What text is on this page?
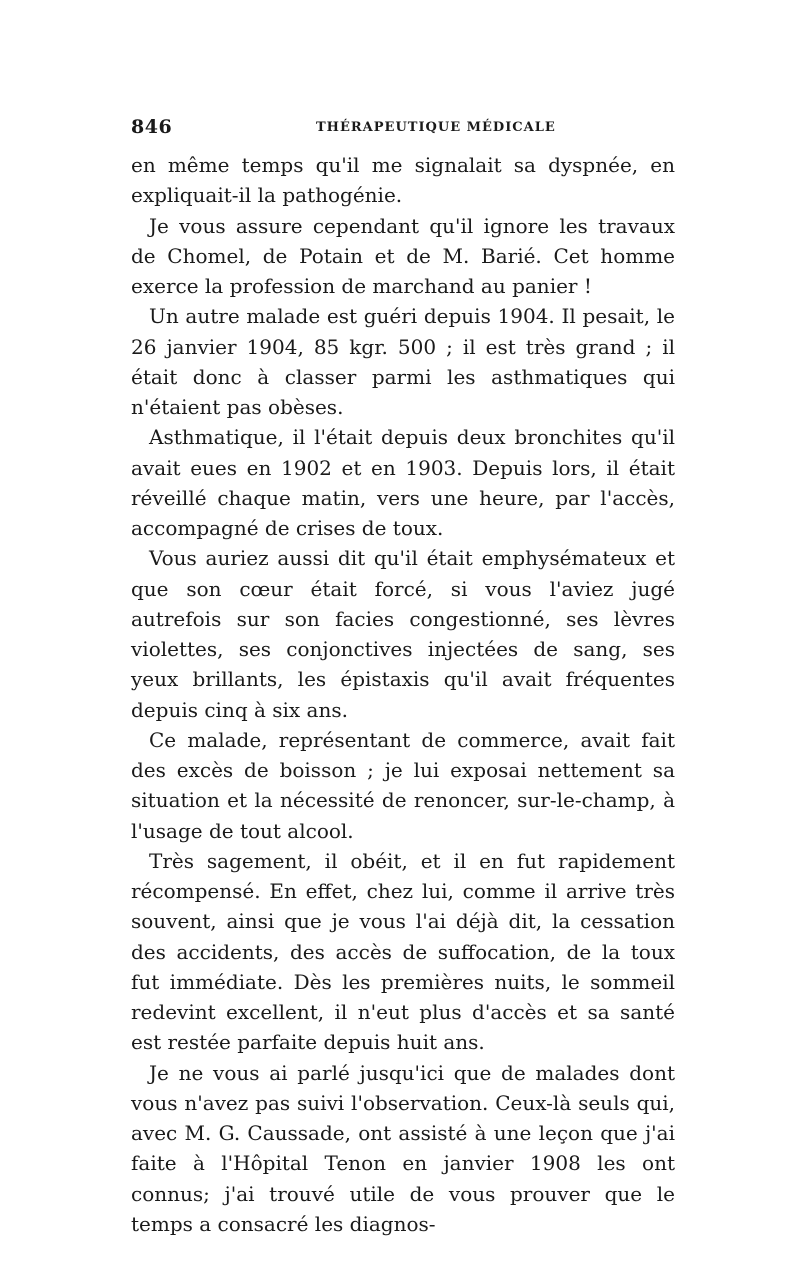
846	THÉRAPEUTIQUE MÉDICALE

en même temps qu'il me signalait sa dyspnée, en expliquait-il la pathogénie.

Je vous assure cependant qu'il ignore les travaux de Chomel, de Potain et de M. Barié. Cet homme exerce la profession de marchand au panier !

Un autre malade est guéri depuis 1904. Il pesait, le 26 janvier 1904, 85 kgr. 500 ; il est très grand ; il était donc à classer parmi les asthmatiques qui n'étaient pas obèses.

Asthmatique, il l'était depuis deux bronchites qu'il avait eues en 1902 et en 1903. Depuis lors, il était réveillé chaque matin, vers une heure, par l'accès, accompagné de crises de toux.

Vous auriez aussi dit qu'il était emphysémateux et que son cœur était forcé, si vous l'aviez jugé autrefois sur son facies congestionné, ses lèvres violettes, ses conjonctives injectées de sang, ses yeux brillants, les épistaxis qu'il avait fréquentes depuis cinq à six ans.

Ce malade, représentant de commerce, avait fait des excès de boisson ; je lui exposai nettement sa situation et la nécessité de renoncer, sur-le-champ, à l'usage de tout alcool.

Très sagement, il obéit, et il en fut rapidement récompensé. En effet, chez lui, comme il arrive très souvent, ainsi que je vous l'ai déjà dit, la cessation des accidents, des accès de suffocation, de la toux fut immédiate. Dès les premières nuits, le sommeil redevint excellent, il n'eut plus d'accès et sa santé est restée parfaite depuis huit ans.

Je ne vous ai parlé jusqu'ici que de malades dont vous n'avez pas suivi l'observation. Ceux-là seuls qui, avec M. G. Caussade, ont assisté à une leçon que j'ai faite à l'Hôpital Tenon en janvier 1908 les ont connus; j'ai trouvé utile de vous prouver que le temps a consacré les diagnos-
